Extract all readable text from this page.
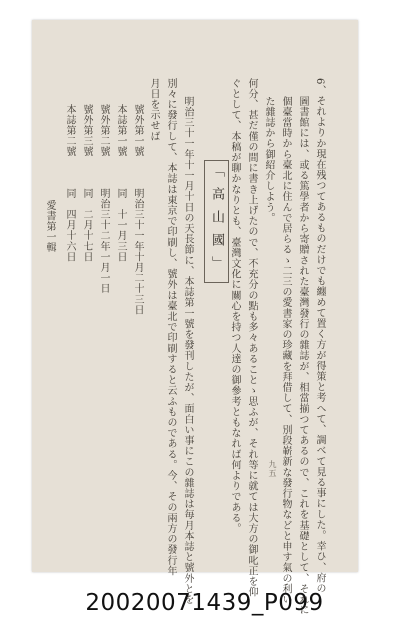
6、それよりか現在残つてあるものだけでも纏めて置く方が得策と考へて、調べて見る事にした。幸ひ、府の
圖書館には、或る篤學者から寄贈された臺灣發行の雜誌が、相當揃つてあるので、これを基礎として、それに
個臺當時から臺北に住んで居らるゝ二三の愛書家の珍藏を拜借して、別段嶄新な發行物などと申す氣の利い
た雜誌から御紹介しよう。
何分、甚だ僅の間に書き上げたので、不充分の點も多々あることゝ思ふが、それ等に就ては大方の御叱正を仰
ぐとして、本稿が聊かなりとも、臺灣文化に關心を持つ人達の御參考ともなれば何よりである。
「高山國」
明治三十一年十一月十日の天長節に、本誌第一號を發刊したが、面白い事にこの雜誌は毎月本誌と號外とを
別々に發行して、本誌は東京で印刷し、號外は臺北で印刷すると云ふものである。今、その兩方の發行年
月日を示せば
號外第一號
明治三十一年十月二十三日
本誌第一號
同　十一月三日
號外第二號
明治三十二年一月一日
號外第三號
同　二月十七日
本誌第二號
同　四月十六日
愛書第一輯
九五
20020071439_P099
